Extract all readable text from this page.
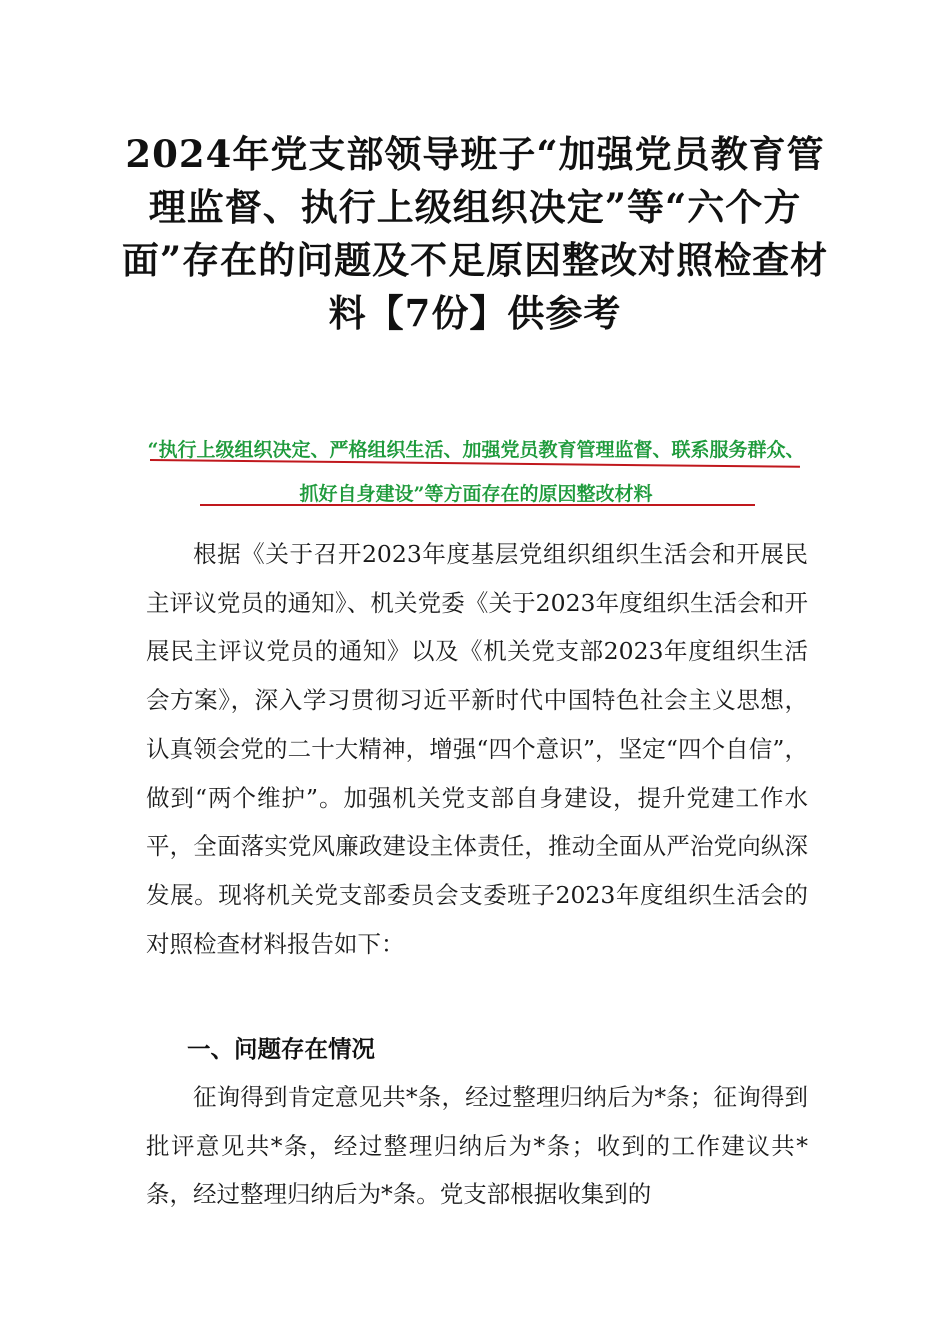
2024年党支部领导班子“加强党员教育管理监督、执行上级组织决定”等“六个方面”存在的问题及不足原因整改对照检查材料【7份】供参考

“执行上级组织决定、严格组织生活、加强党员教育管理监督、联系服务群众、抓好自身建设”等方面存在的原因整改材料

根据《关于召开2023年度基层党组织组织生活会和开展民主评议党员的通知》、机关党委《关于2023年度组织生活会和开展民主评议党员的通知》以及《机关党支部2023年度组织生活会方案》，深入学习贯彻习近平新时代中国特色社会主义思想，认真领会党的二十大精神，增强“四个意识”，坚定“四个自信”，做到“两个维护”。加强机关党支部自身建设，提升党建工作水平，全面落实党风廉政建设主体责任，推动全面从严治党向纵深发展。现将机关党支部委员会支委班子2023年度组织生活会的对照检查材料报告如下：

一、问题存在情况

征询得到肯定意见共*条，经过整理归纳后为*条；征询得到批评意见共*条，经过整理归纳后为*条；收到的工作建议共*条，经过整理归纳后为*条。党支部根据收集到的
